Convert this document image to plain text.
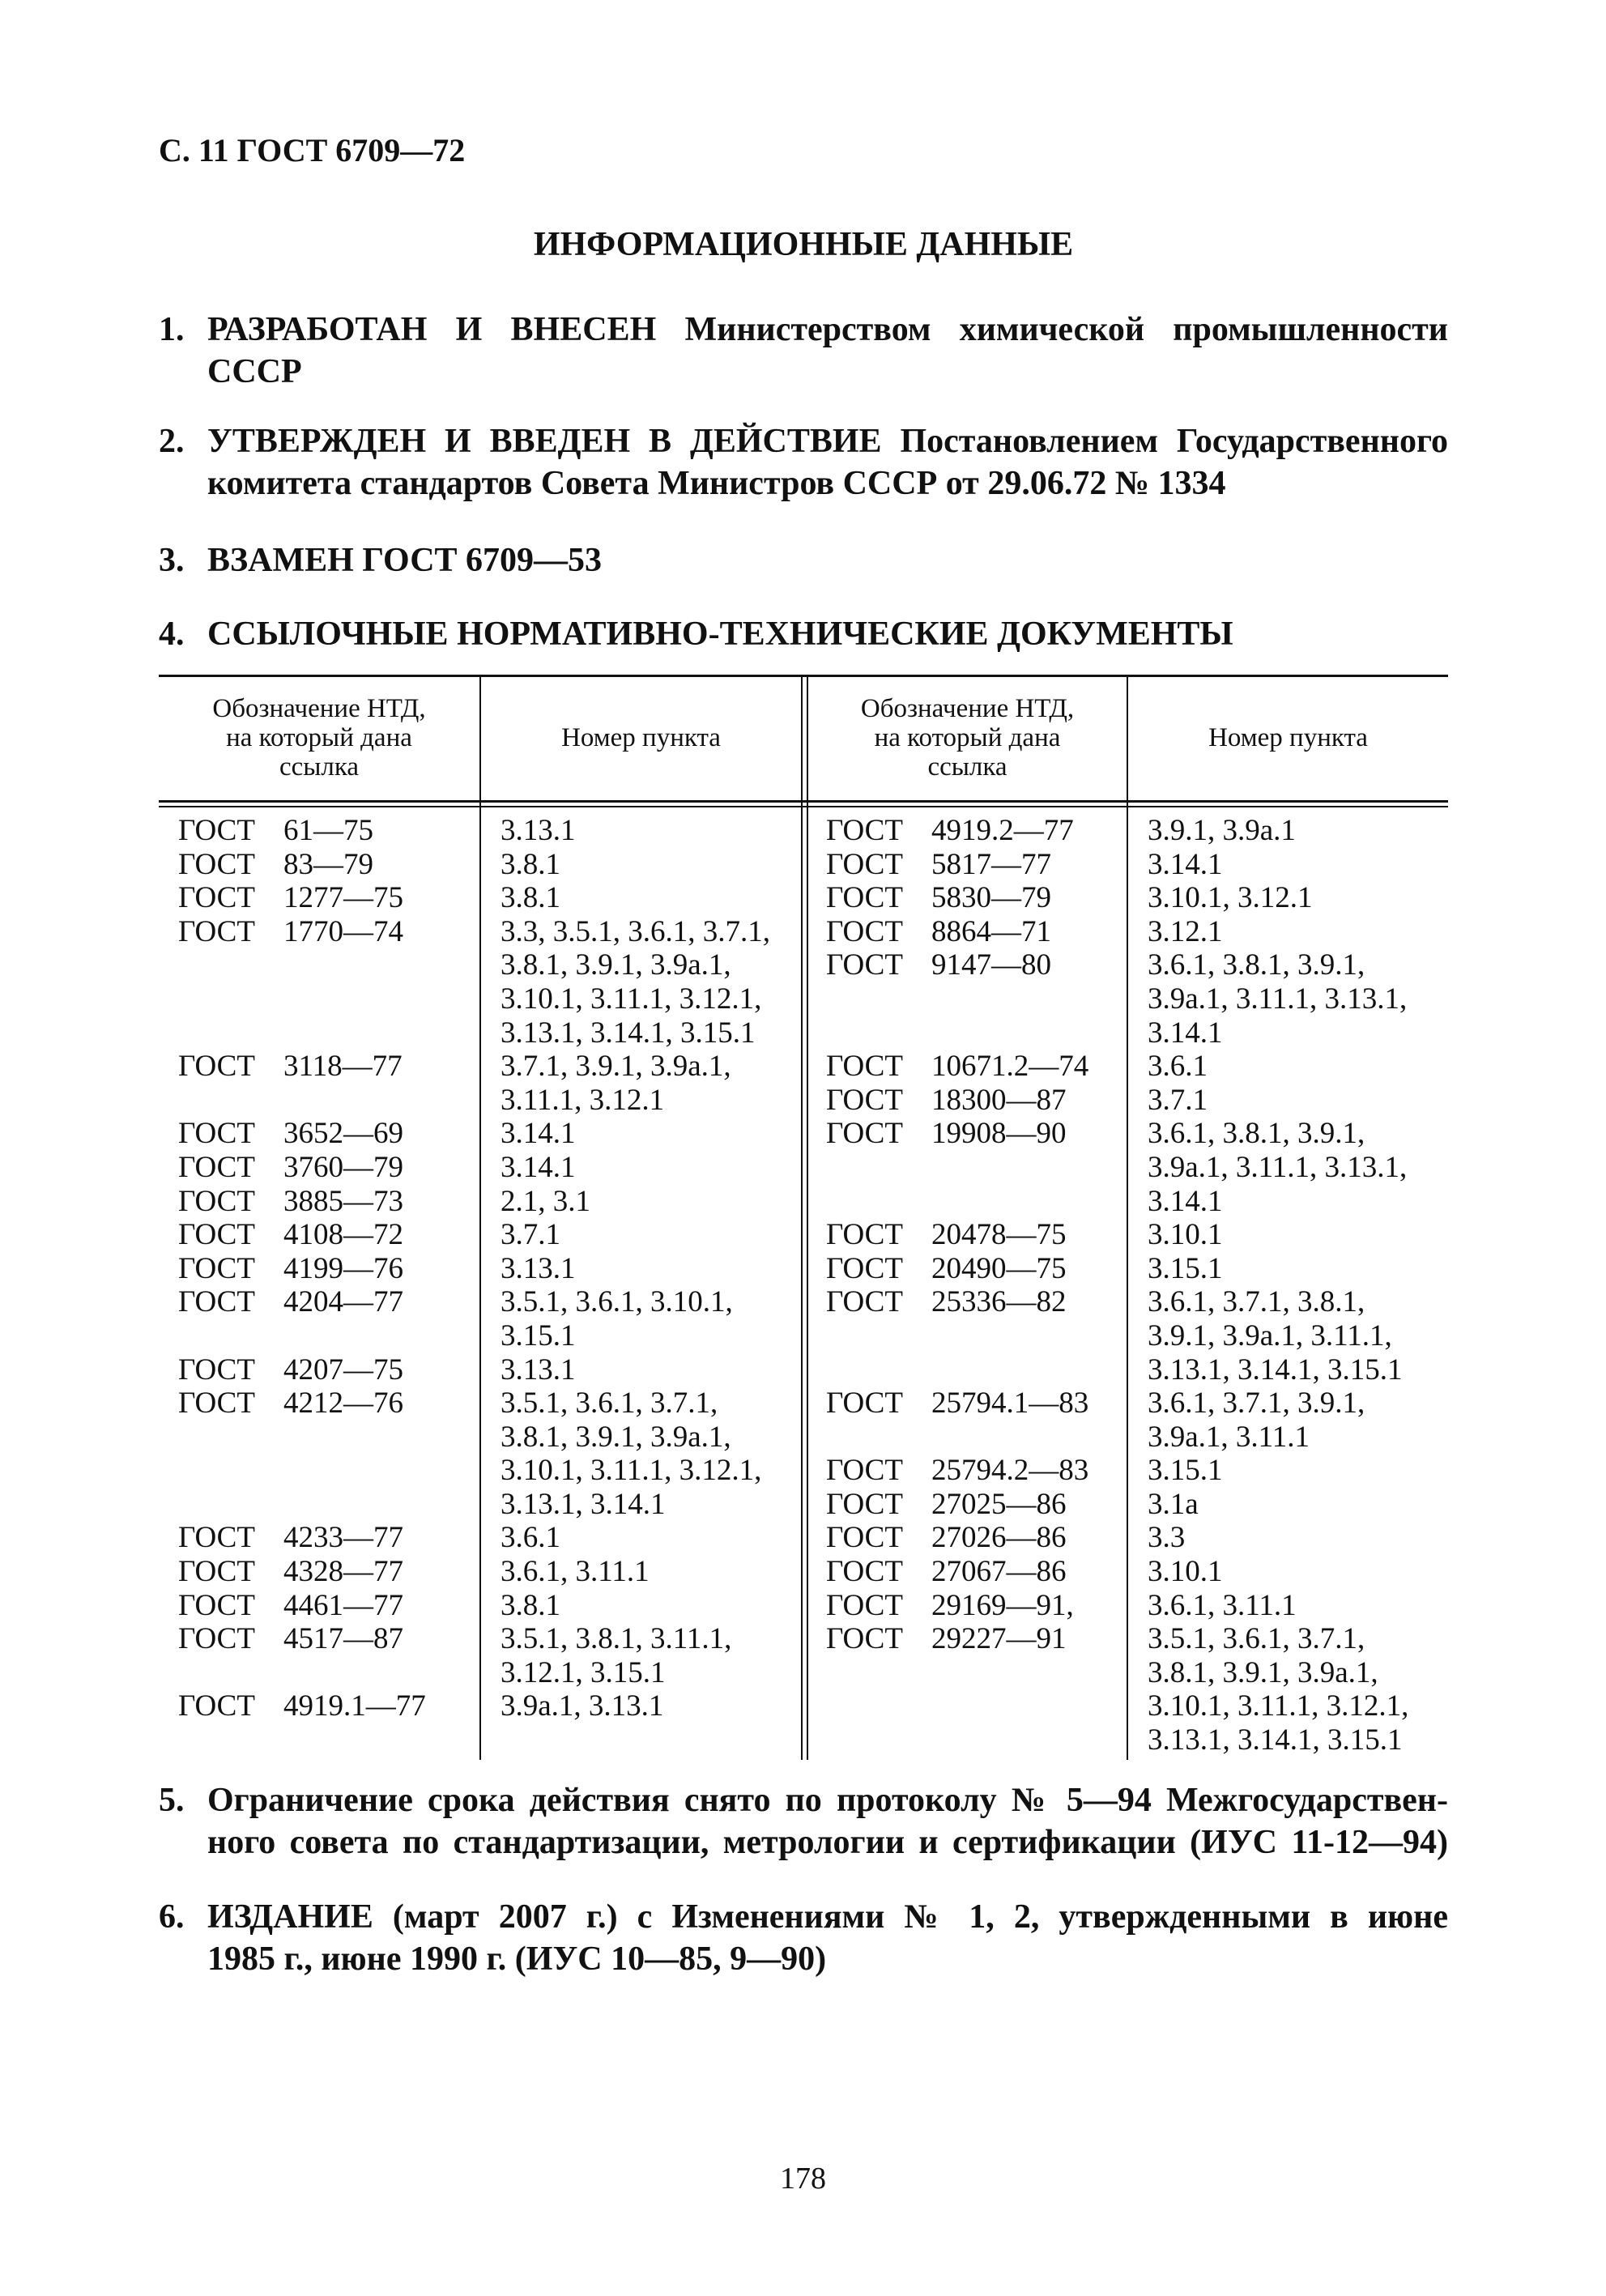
С. 11 ГОСТ 6709—72
ИНФОРМАЦИОННЫЕ ДАННЫЕ
1. РАЗРАБОТАН И ВНЕСЕН Министерством химической промышленности
СССР
2. УТВЕРЖДЕН И ВВЕДЕН В ДЕЙСТВИЕ Постановлением Государственного
комитета стандартов Совета Министров СССР от 29.06.72 № 1334
3. ВЗАМЕН ГОСТ 6709—53
4. ССЫЛОЧНЫЕ НОРМАТИВНО-ТЕХНИЧЕСКИЕ ДОКУМЕНТЫ
Обозначение НТД,
на который дана
ссылка
Номер пункта
Обозначение НТД,
на который дана
ссылка
Номер пункта
ГОСТ 61—75
ГОСТ 83—79
ГОСТ 1277—75
ГОСТ 1770—74

ГОСТ 3118—77

ГОСТ 3652—69
ГОСТ 3760—79
ГОСТ 3885—73
ГОСТ 4108—72
ГОСТ 4199—76
ГОСТ 4204—77

ГОСТ 4207—75
ГОСТ 4212—76

ГОСТ 4233—77
ГОСТ 4328—77
ГОСТ 4461—77
ГОСТ 4517—87

ГОСТ 4919.1—77
3.13.1
3.8.1
3.8.1
3.3, 3.5.1, 3.6.1, 3.7.1,
3.8.1, 3.9.1, 3.9а.1,
3.10.1, 3.11.1, 3.12.1,
3.13.1, 3.14.1, 3.15.1
3.7.1, 3.9.1, 3.9а.1,
3.11.1, 3.12.1
3.14.1
3.14.1
2.1, 3.1
3.7.1
3.13.1
3.5.1, 3.6.1, 3.10.1,
3.15.1
3.13.1
3.5.1, 3.6.1, 3.7.1,
3.8.1, 3.9.1, 3.9а.1,
3.10.1, 3.11.1, 3.12.1,
3.13.1, 3.14.1
3.6.1
3.6.1, 3.11.1
3.8.1
3.5.1, 3.8.1, 3.11.1,
3.12.1, 3.15.1
3.9а.1, 3.13.1
ГОСТ 4919.2—77
ГОСТ 5817—77
ГОСТ 5830—79
ГОСТ 8864—71
ГОСТ 9147—80

ГОСТ 10671.2—74
ГОСТ 18300—87
ГОСТ 19908—90

ГОСТ 20478—75
ГОСТ 20490—75
ГОСТ 25336—82

ГОСТ 25794.1—83

ГОСТ 25794.2—83
ГОСТ 27025—86
ГОСТ 27026—86
ГОСТ 27067—86
ГОСТ 29169—91,
ГОСТ 29227—91

3.9.1, 3.9а.1
3.14.1
3.10.1, 3.12.1
3.12.1
3.6.1, 3.8.1, 3.9.1,
3.9а.1, 3.11.1, 3.13.1,
3.14.1
3.6.1
3.7.1
3.6.1, 3.8.1, 3.9.1,
3.9а.1, 3.11.1, 3.13.1,
3.14.1
3.10.1
3.15.1
3.6.1, 3.7.1, 3.8.1,
3.9.1, 3.9а.1, 3.11.1,
3.13.1, 3.14.1, 3.15.1
3.6.1, 3.7.1, 3.9.1,
3.9а.1, 3.11.1
3.15.1
3.1а
3.3
3.10.1
3.6.1, 3.11.1
3.5.1, 3.6.1, 3.7.1,
3.8.1, 3.9.1, 3.9а.1,
3.10.1, 3.11.1, 3.12.1,
3.13.1, 3.14.1, 3.15.1
5. Ограничение срока действия снято по протоколу № 5—94 Межгосударствен-
ного совета по стандартизации, метрологии и сертификации (ИУС 11-12—94)
6. ИЗДАНИЕ (март 2007 г.) с Изменениями № 1, 2, утвержденными в июне
1985 г., июне 1990 г. (ИУС 10—85, 9—90)
178
